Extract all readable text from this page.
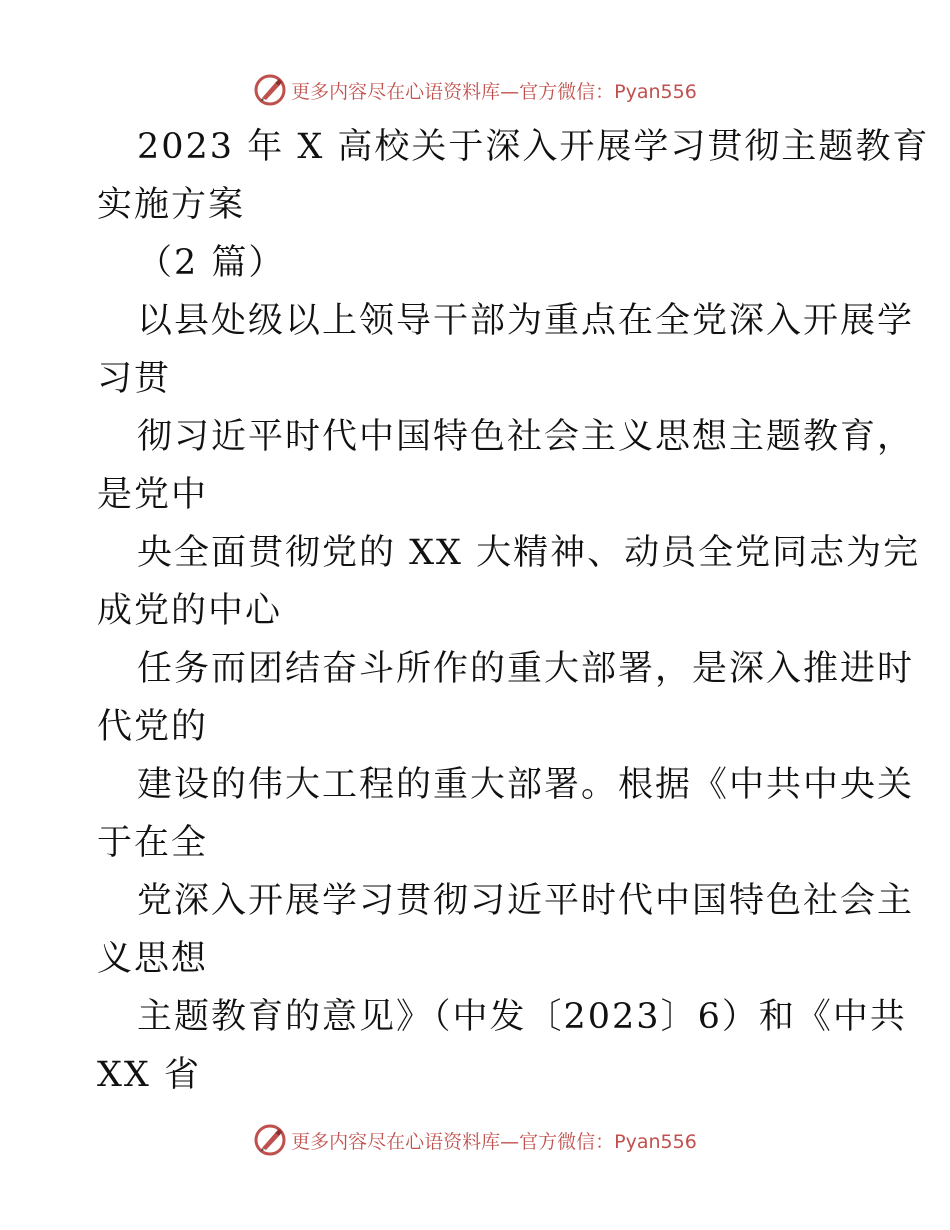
更多内容尽在心语资料库—官方微信：Pyan556
2023 年 X 高校关于深入开展学习贯彻主题教育
实施方案
（2 篇）
以县处级以上领导干部为重点在全党深入开展学
习贯
彻习近平时代中国特色社会主义思想主题教育，
是党中
央全面贯彻党的 XX 大精神、动员全党同志为完
成党的中心
任务而团结奋斗所作的重大部署，是深入推进时
代党的
建设的伟大工程的重大部署。根据《中共中央关
于在全
党深入开展学习贯彻习近平时代中国特色社会主
义思想
主题教育的意见》（中发〔2023〕6）和《中共
XX 省
更多内容尽在心语资料库—官方微信：Pyan556
